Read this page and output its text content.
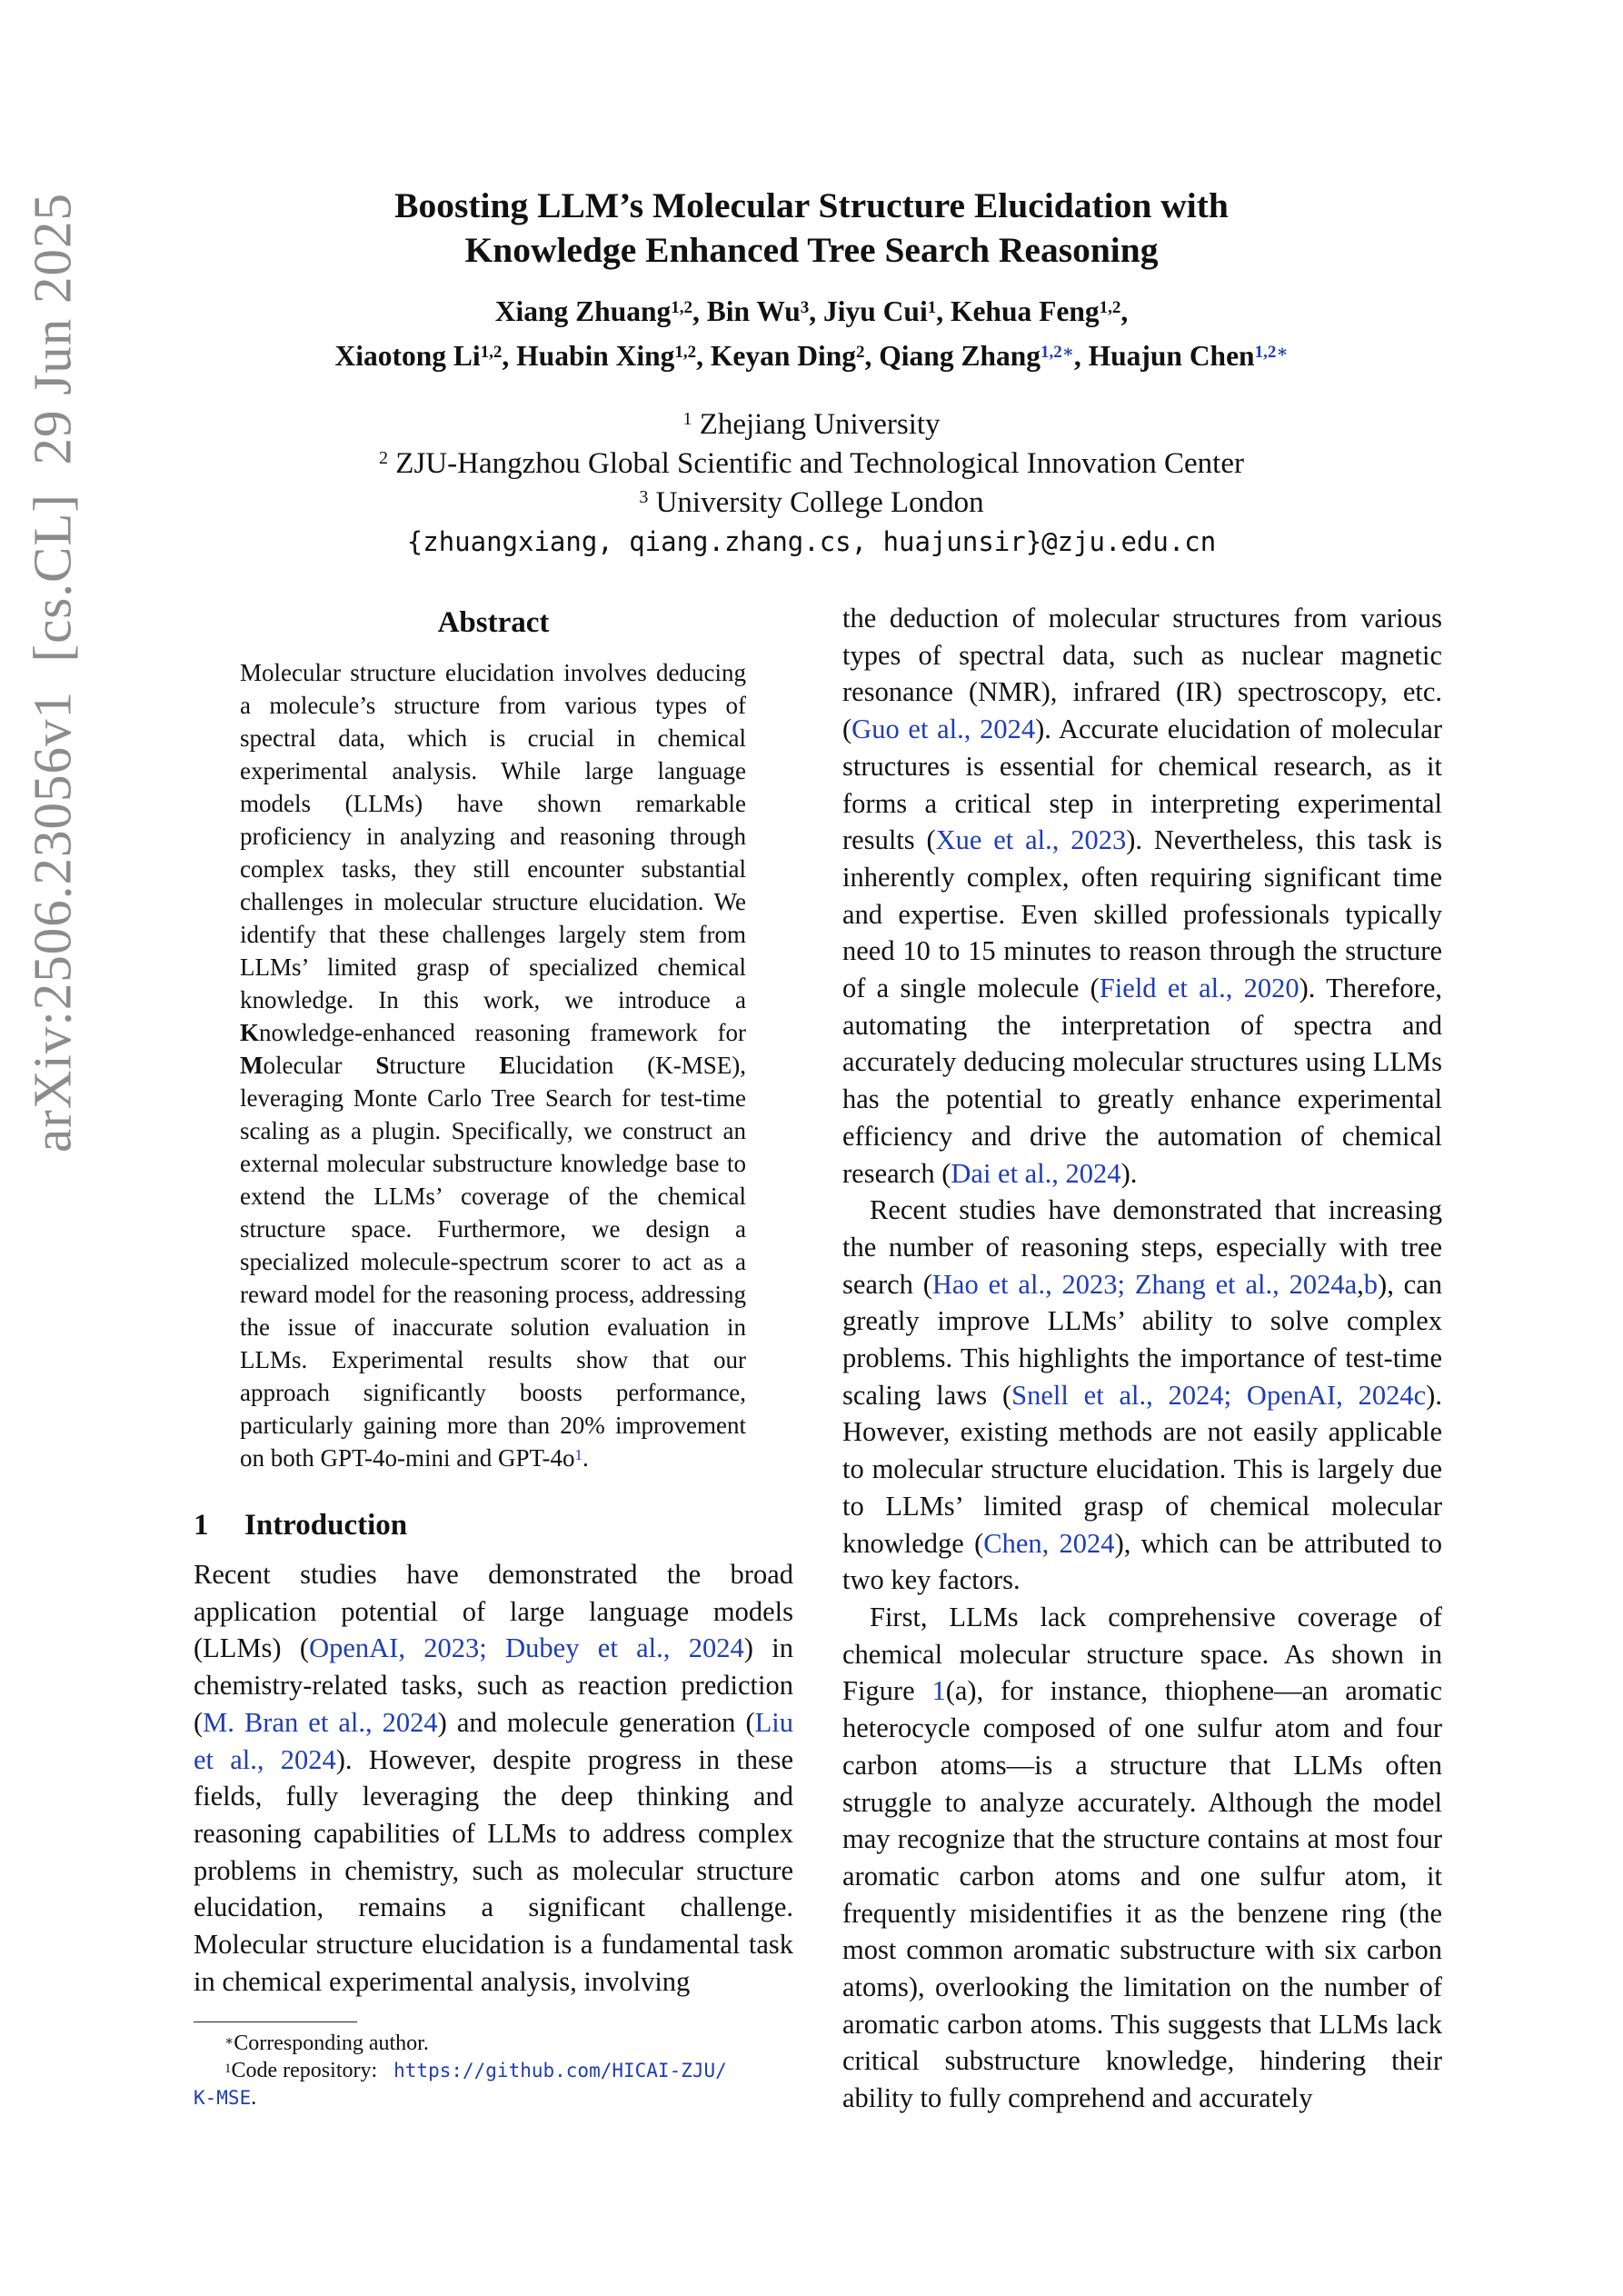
arXiv:2506.23056v1  [cs.CL]  29 Jun 2025	Boosting LLM’s Molecular Structure Elucidation with
Knowledge Enhanced Tree Search Reasoning
Xiang Zhuang$^{1,2}$, Bin Wu$^3$, Jiyu Cui$^1$, Kehua Feng$^{1,2}$,
Xiaotong Li$^{1,2}$, Huabin Xing$^{1,2}$, Keyan Ding$^2$, Qiang Zhang$^{1,2∗}$, Huajun Chen$^{1,2∗}$
$^1$ Zhejiang University
$^2$ ZJU-Hangzhou Global Scientific and Technological Innovation Center
$^3$ University College London
{zhuangxiang, qiang.zhang.cs, huajunsir}@zju.edu.cn
Abstract

Molecular structure elucidation involves deducing a molecule’s structure from various types of spectral data, which is crucial in chemical experimental analysis. While large language models (LLMs) have shown remarkable proficiency in analyzing and reasoning through complex tasks, they still encounter substantial challenges in molecular structure elucidation. We identify that these challenges largely stem from LLMs’ limited grasp of specialized chemical knowledge. In this work, we introduce a Knowledge-enhanced reasoning framework for Molecular Structure Elucidation (K-MSE), leveraging Monte Carlo Tree Search for test-time scaling as a plugin. Specifically, we construct an external molecular substructure knowledge base to extend the LLMs’ coverage of the chemical structure space. Furthermore, we design a specialized molecule-spectrum scorer to act as a reward model for the reasoning process, addressing the issue of inaccurate solution evaluation in LLMs. Experimental results show that our approach significantly boosts performance, particularly gaining more than 20% improvement on both GPT-4o-mini and GPT-4o$^1$.

1	Introduction

Recent studies have demonstrated the broad application potential of large language models (LLMs) (OpenAI, 2023; Dubey et al., 2024) in chemistry-related tasks, such as reaction prediction (M. Bran et al., 2024) and molecule generation (Liu et al., 2024). However, despite progress in these fields, fully leveraging the deep thinking and reasoning capabilities of LLMs to address complex problems in chemistry, such as molecular structure elucidation, remains a significant challenge. Molecular structure elucidation is a fundamental task in chemical experimental analysis, involving

∗Corresponding author.

$^1$Code repository:   https://github.com/HICAI-ZJU/

K-MSE.

the deduction of molecular structures from various types of spectral data, such as nuclear magnetic resonance (NMR), infrared (IR) spectroscopy, etc. (Guo et al., 2024). Accurate elucidation of molecular structures is essential for chemical research, as it forms a critical step in interpreting experimental results (Xue et al., 2023). Nevertheless, this task is inherently complex, often requiring significant time and expertise. Even skilled professionals typically need 10 to 15 minutes to reason through the structure of a single molecule (Field et al., 2020). Therefore, automating the interpretation of spectra and accurately deducing molecular structures using LLMs has the potential to greatly enhance experimental efficiency and drive the automation of chemical research (Dai et al., 2024).

Recent studies have demonstrated that increasing the number of reasoning steps, especially with tree search (Hao et al., 2023; Zhang et al., 2024a,b), can greatly improve LLMs’ ability to solve complex problems. This highlights the importance of test-time scaling laws (Snell et al., 2024; OpenAI, 2024c). However, existing methods are not easily applicable to molecular structure elucidation. This is largely due to LLMs’ limited grasp of chemical molecular knowledge (Chen, 2024), which can be attributed to two key factors.

First, LLMs lack comprehensive coverage of chemical molecular structure space. As shown in Figure 1(a), for instance, thiophene—an aromatic heterocycle composed of one sulfur atom and four carbon atoms—is a structure that LLMs often struggle to analyze accurately. Although the model may recognize that the structure contains at most four aromatic carbon atoms and one sulfur atom, it frequently misidentifies it as the benzene ring (the most common aromatic substructure with six carbon atoms), overlooking the limitation on the number of aromatic carbon atoms. This suggests that LLMs lack critical substructure knowledge, hindering their ability to fully comprehend and accurately
